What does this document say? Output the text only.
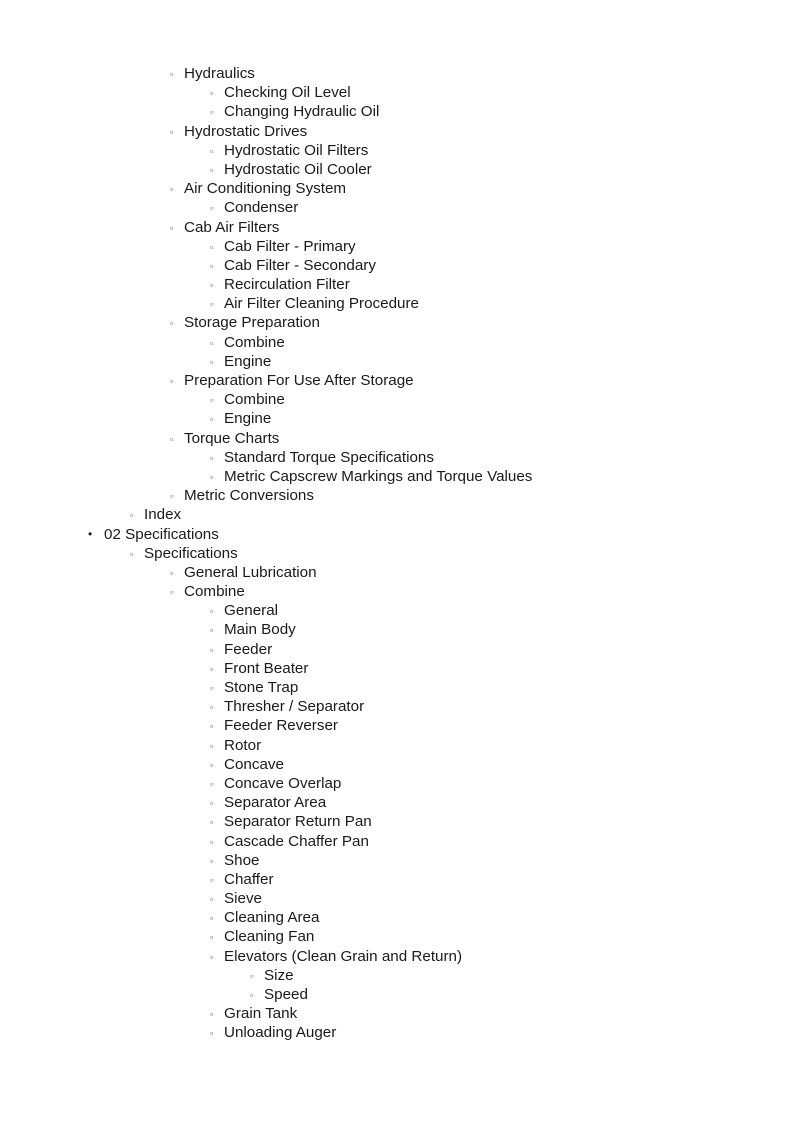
▫ Hydraulics
▫ Checking Oil Level
▫ Changing Hydraulic Oil
▫ Hydrostatic Drives
▫ Hydrostatic Oil Filters
▫ Hydrostatic Oil Cooler
▫ Air Conditioning System
▫ Condenser
▫ Cab Air Filters
▫ Cab Filter - Primary
▫ Cab Filter - Secondary
▫ Recirculation Filter
▫ Air Filter Cleaning Procedure
▫ Storage Preparation
▫ Combine
▫ Engine
▫ Preparation For Use After Storage
▫ Combine
▫ Engine
▫ Torque Charts
▫ Standard Torque Specifications
▫ Metric Capscrew Markings and Torque Values
▫ Metric Conversions
▫ Index
• 02 Specifications
▫ Specifications
▫ General Lubrication
▫ Combine
▫ General
▫ Main Body
▫ Feeder
▫ Front Beater
▫ Stone Trap
▫ Thresher / Separator
▫ Feeder Reverser
▫ Rotor
▫ Concave
▫ Concave Overlap
▫ Separator Area
▫ Separator Return Pan
▫ Cascade Chaffer Pan
▫ Shoe
▫ Chaffer
▫ Sieve
▫ Cleaning Area
▫ Cleaning Fan
▫ Elevators (Clean Grain and Return)
▫ Size
▫ Speed
▫ Grain Tank
▫ Unloading Auger
